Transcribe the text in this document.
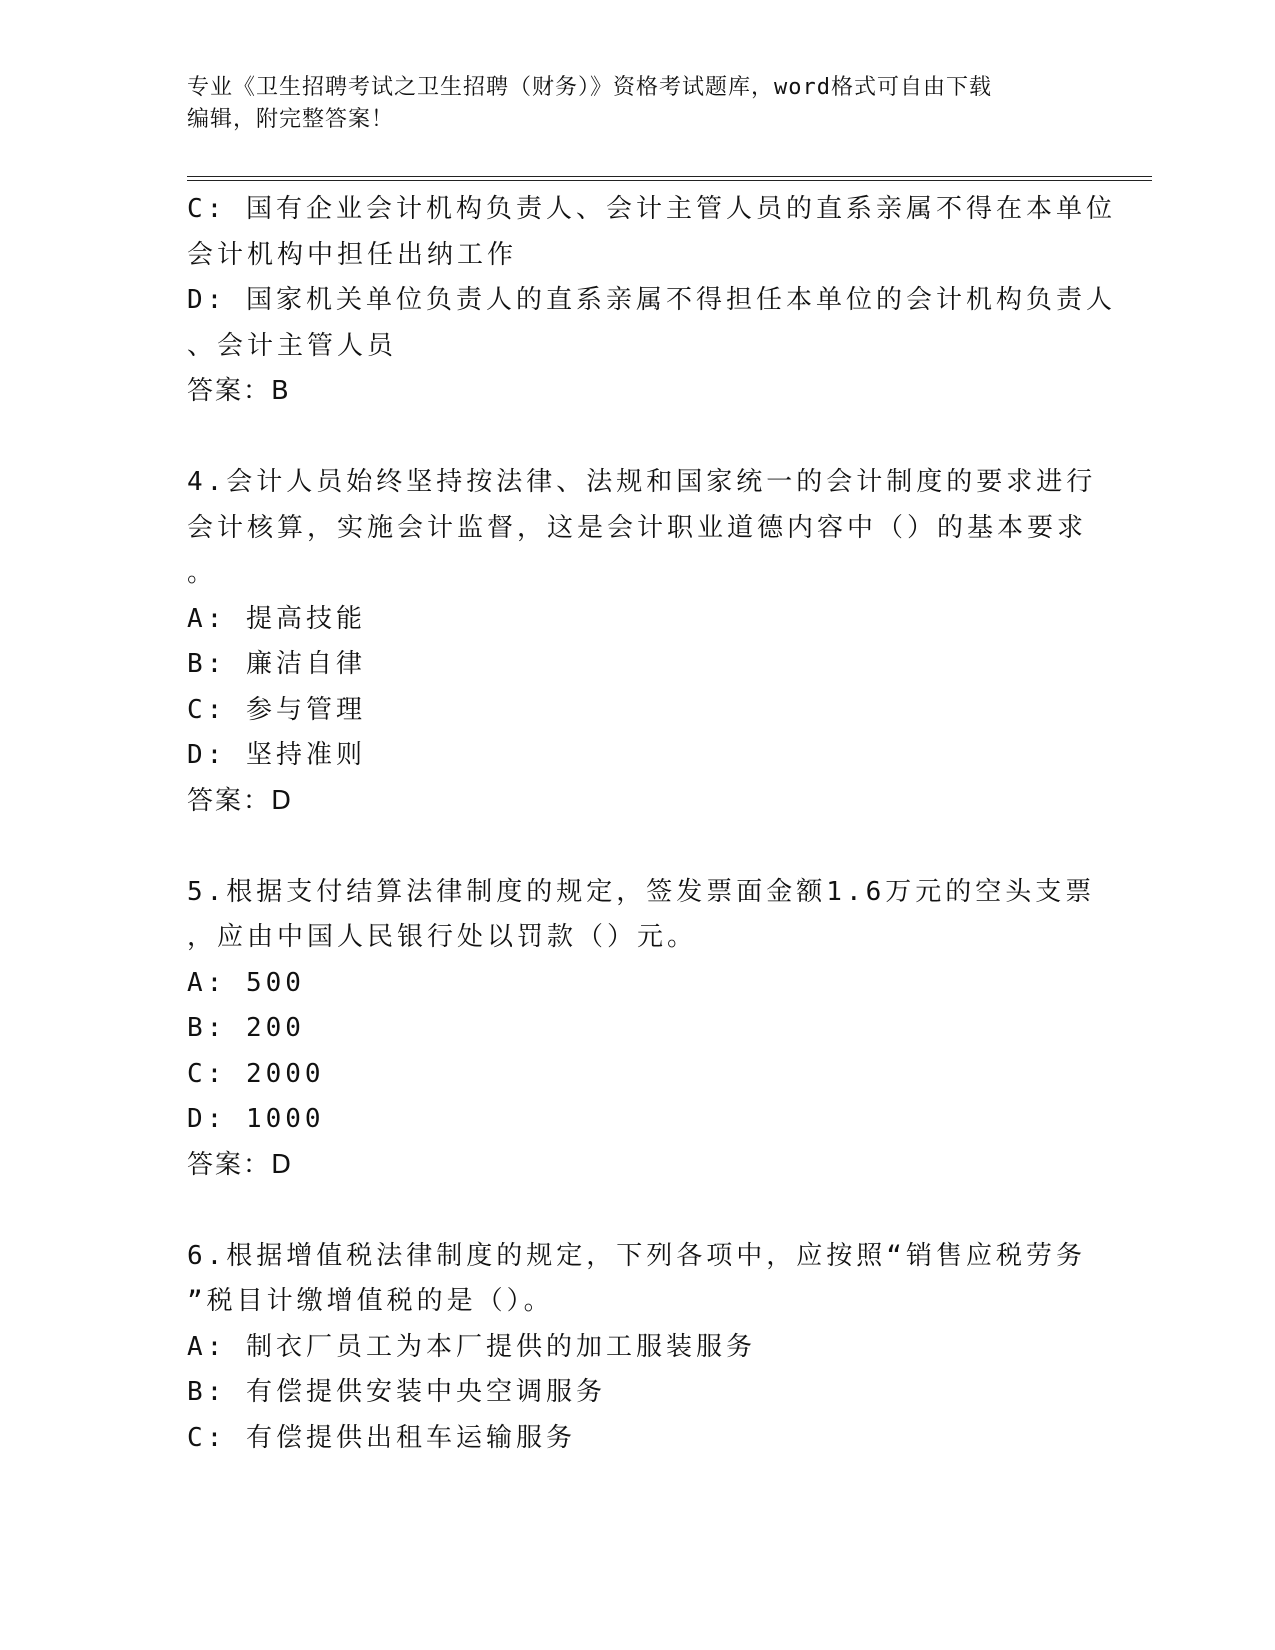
专业《卫生招聘考试之卫生招聘（财务）》资格考试题库，word格式可自由下载
编辑，附完整答案！
C: 国有企业会计机构负责人、会计主管人员的直系亲属不得在本单位
会计机构中担任出纳工作
D: 国家机关单位负责人的直系亲属不得担任本单位的会计机构负责人
、会计主管人员
答案：B
4.会计人员始终坚持按法律、法规和国家统一的会计制度的要求进行
会计核算，实施会计监督，这是会计职业道德内容中（）的基本要求
。
A: 提高技能
B: 廉洁自律
C: 参与管理
D: 坚持准则
答案：D
5.根据支付结算法律制度的规定，签发票面金额1.6万元的空头支票
，应由中国人民银行处以罚款（）元。
A: 500
B: 200
C: 2000
D: 1000
答案：D
6.根据增值税法律制度的规定，下列各项中，应按照“销售应税劳务
”税目计缴增值税的是（）。
A: 制衣厂员工为本厂提供的加工服装服务
B: 有偿提供安装中央空调服务
C: 有偿提供出租车运输服务
